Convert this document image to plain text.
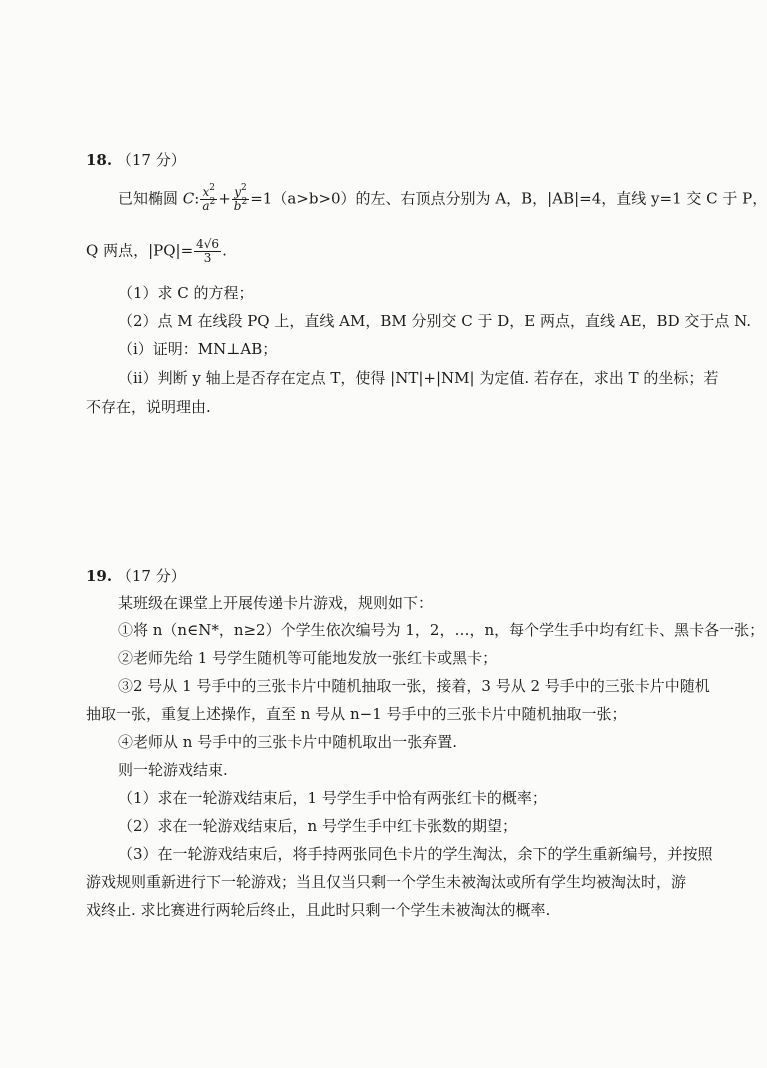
18. （17 分）
已知椭圆 C: $\frac{x^2}{a^2} + \frac{y^2}{b^2} =1(a>b>0)$的左、右顶点分别为 A，B，|AB|=4，直线 y=1 交 C 于 P，
Q 两点，$|PQ|= \frac{4√6}{3}$ .
（1）求 C 的方程；
（2）点 M 在线段 PQ 上，直线 AM，BM 分别交 C 于 D，E 两点，直线 AE，BD 交于点 N.
（i）证明：MN⊥AB；
（ii）判断 y 轴上是否存在定点 T，使得 |NT|+|NM| 为定值. 若存在，求出 T 的坐标；若
不存在，说明理由.
19. （17 分）
某班级在课堂上开展传递卡片游戏，规则如下：
①将 n（n∈N*，n≥2）个学生依次编号为 1，2，…，n，每个学生手中均有红卡、黑卡各一张；
②老师先给 1 号学生随机等可能地发放一张红卡或黑卡；
③2 号从 1 号手中的三张卡片中随机抽取一张，接着，3 号从 2 号手中的三张卡片中随机
抽取一张，重复上述操作，直至 n 号从 n−1 号手中的三张卡片中随机抽取一张；
④老师从 n 号手中的三张卡片中随机取出一张弃置.
则一轮游戏结束.
（1）求在一轮游戏结束后，1 号学生手中恰有两张红卡的概率；
（2）求在一轮游戏结束后，n 号学生手中红卡张数的期望；
（3）在一轮游戏结束后，将手持两张同色卡片的学生淘汰，余下的学生重新编号，并按照
游戏规则重新进行下一轮游戏；当且仅当只剩一个学生未被淘汰或所有学生均被淘汰时，游
戏终止. 求比赛进行两轮后终止，且此时只剩一个学生未被淘汰的概率.
